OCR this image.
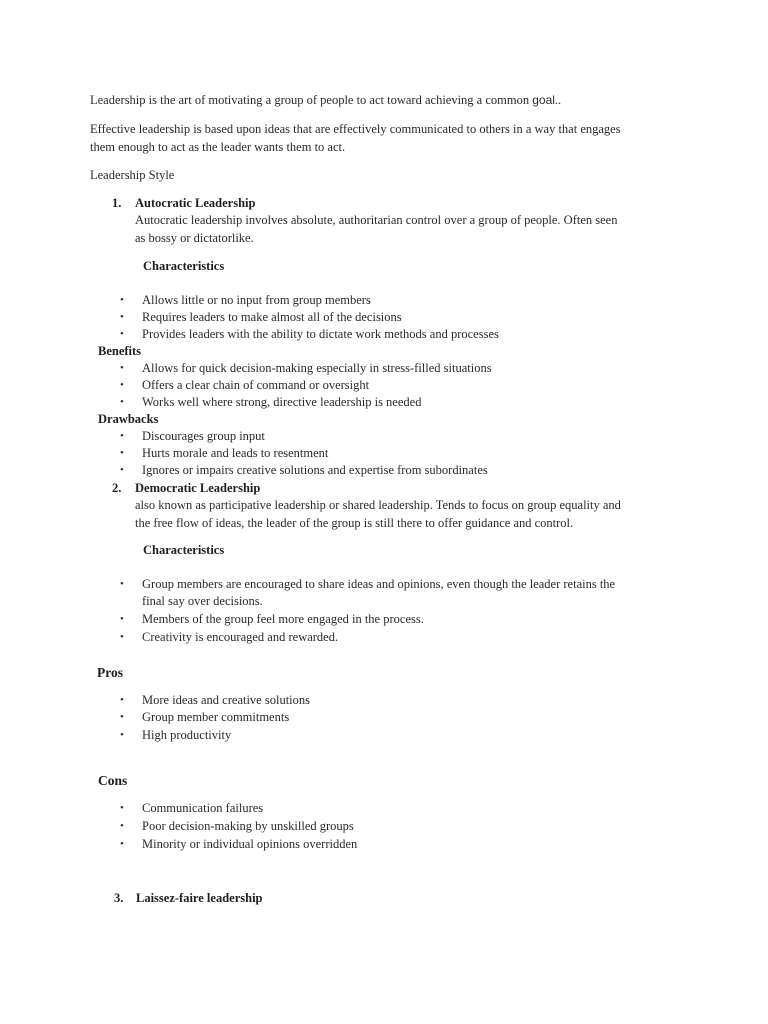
Leadership is the art of motivating a group of people to act toward achieving a common goal..
Effective leadership is based upon ideas that are effectively communicated to others in a way that engages
them enough to act as the leader wants them to act.
Leadership Style
1. Autocratic Leadership
Autocratic leadership involves absolute, authoritarian control over a group of people. Often seen
as bossy or dictatorlike.
Characteristics
• Allows little or no input from group members
• Requires leaders to make almost all of the decisions
• Provides leaders with the ability to dictate work methods and processes
Benefits
• Allows for quick decision-making especially in stress-filled situations
• Offers a clear chain of command or oversight
• Works well where strong, directive leadership is needed
Drawbacks
• Discourages group input
• Hurts morale and leads to resentment
• Ignores or impairs creative solutions and expertise from subordinates
2. Democratic Leadership
also known as participative leadership or shared leadership. Tends to focus on group equality and
the free flow of ideas, the leader of the group is still there to offer guidance and control.
Characteristics
• Group members are encouraged to share ideas and opinions, even though the leader retains the
final say over decisions.
• Members of the group feel more engaged in the process.
• Creativity is encouraged and rewarded.
Pros
• More ideas and creative solutions
• Group member commitments
• High productivity
Cons
• Communication failures
• Poor decision-making by unskilled groups
• Minority or individual opinions overridden
3. Laissez-faire leadership
